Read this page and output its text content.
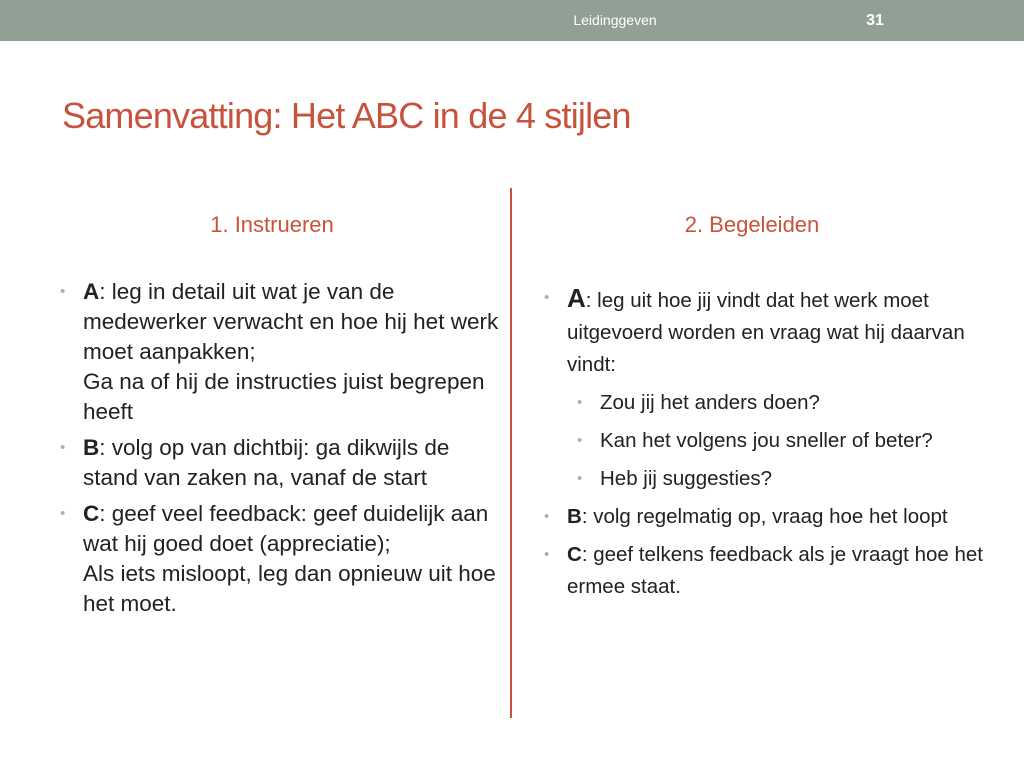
Leidinggeven	31
Samenvatting: Het ABC in de 4 stijlen
1. Instrueren	2. Begeleiden
• A: leg in detail uit wat je van de medewerker verwacht en hoe hij het werk moet aanpakken;
Ga na of hij de instructies juist begrepen heeft
• B: volg op van dichtbij: ga dikwijls de stand van zaken na, vanaf de start
• C: geef veel feedback: geef duidelijk aan wat hij goed doet (appreciatie);
Als iets misloopt, leg dan opnieuw uit hoe het moet.
• A: leg uit hoe jij vindt dat het werk moet uitgevoerd worden en vraag wat hij daarvan vindt:
• Zou jij het anders doen?
• Kan het volgens jou sneller of beter?
• Heb jij suggesties?
• B: volg regelmatig op, vraag hoe het loopt
• C: geef telkens feedback als je vraagt hoe het ermee staat.
